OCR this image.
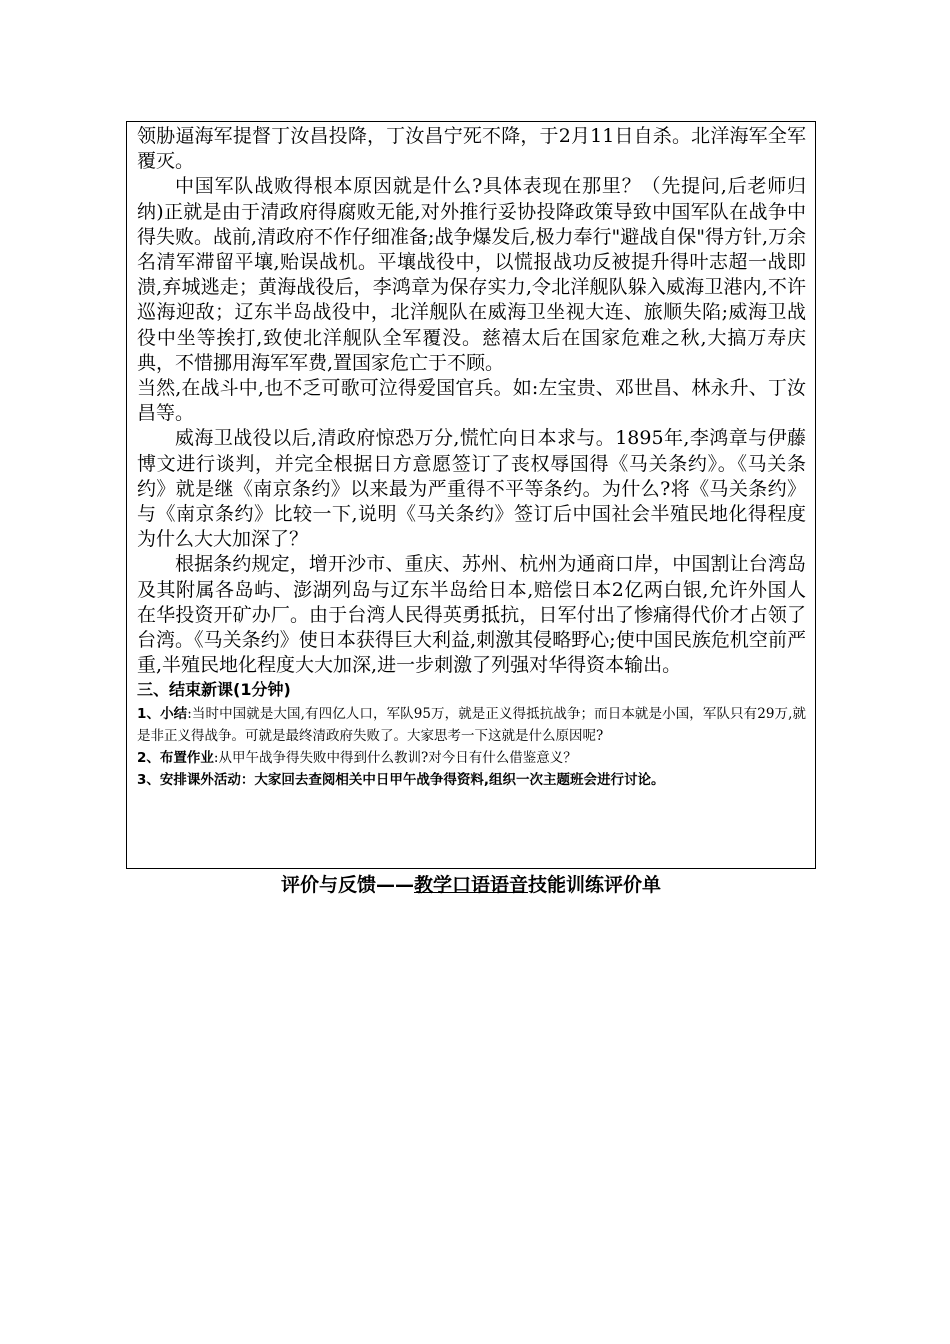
领胁逼海军提督丁汝昌投降，丁汝昌宁死不降，于2月11日自杀。北洋海军全军覆灭。

中国军队战败得根本原因就是什么?具体表现在那里？（先提问,后老师归纳)正就是由于清政府得腐败无能,对外推行妥协投降政策导致中国军队在战争中得失败。战前,清政府不作仔细准备;战争爆发后,极力奉行"避战自保"得方针,万余名清军滞留平壤,贻误战机。平壤战役中，以慌报战功反被提升得叶志超一战即溃,弃城逃走；黄海战役后，李鸿章为保存实力,令北洋舰队躲入威海卫港内,不许巡海迎敌；辽东半岛战役中，北洋舰队在威海卫坐视大连、旅顺失陷;威海卫战役中坐等挨打,致使北洋舰队全军覆没。慈禧太后在国家危难之秋,大搞万寿庆典，不惜挪用海军军费,置国家危亡于不顾。

当然,在战斗中,也不乏可歌可泣得爱国官兵。如:左宝贵、邓世昌、林永升、丁汝昌等。

威海卫战役以后,清政府惊恐万分,慌忙向日本求与。1895年,李鸿章与伊藤博文进行谈判，并完全根据日方意愿签订了丧权辱国得《马关条约》。《马关条约》就是继《南京条约》以来最为严重得不平等条约。为什么?将《马关条约》与《南京条约》比较一下,说明《马关条约》签订后中国社会半殖民地化得程度为什么大大加深了？

根据条约规定，增开沙市、重庆、苏州、杭州为通商口岸，中国割让台湾岛及其附属各岛屿、澎湖列岛与辽东半岛给日本,赔偿日本2亿两白银,允许外国人在华投资开矿办厂。由于台湾人民得英勇抵抗，日军付出了惨痛得代价才占领了台湾。《马关条约》使日本获得巨大利益,刺激其侵略野心;使中国民族危机空前严重,半殖民地化程度大大加深,进一步刺激了列强对华得资本输出。

三、结束新课(1分钟)

1、小结:当时中国就是大国,有四亿人口，军队95万，就是正义得抵抗战争；而日本就是小国，军队只有29万,就是非正义得战争。可就是最终清政府失败了。大家思考一下这就是什么原因呢?

2、布置作业:从甲午战争得失败中得到什么教训?对今日有什么借鉴意义？

3、安排课外活动：大家回去查阅相关中日甲午战争得资料,组织一次主题班会进行讨论。

评价与反馈——教学口语语音技能训练评价单
